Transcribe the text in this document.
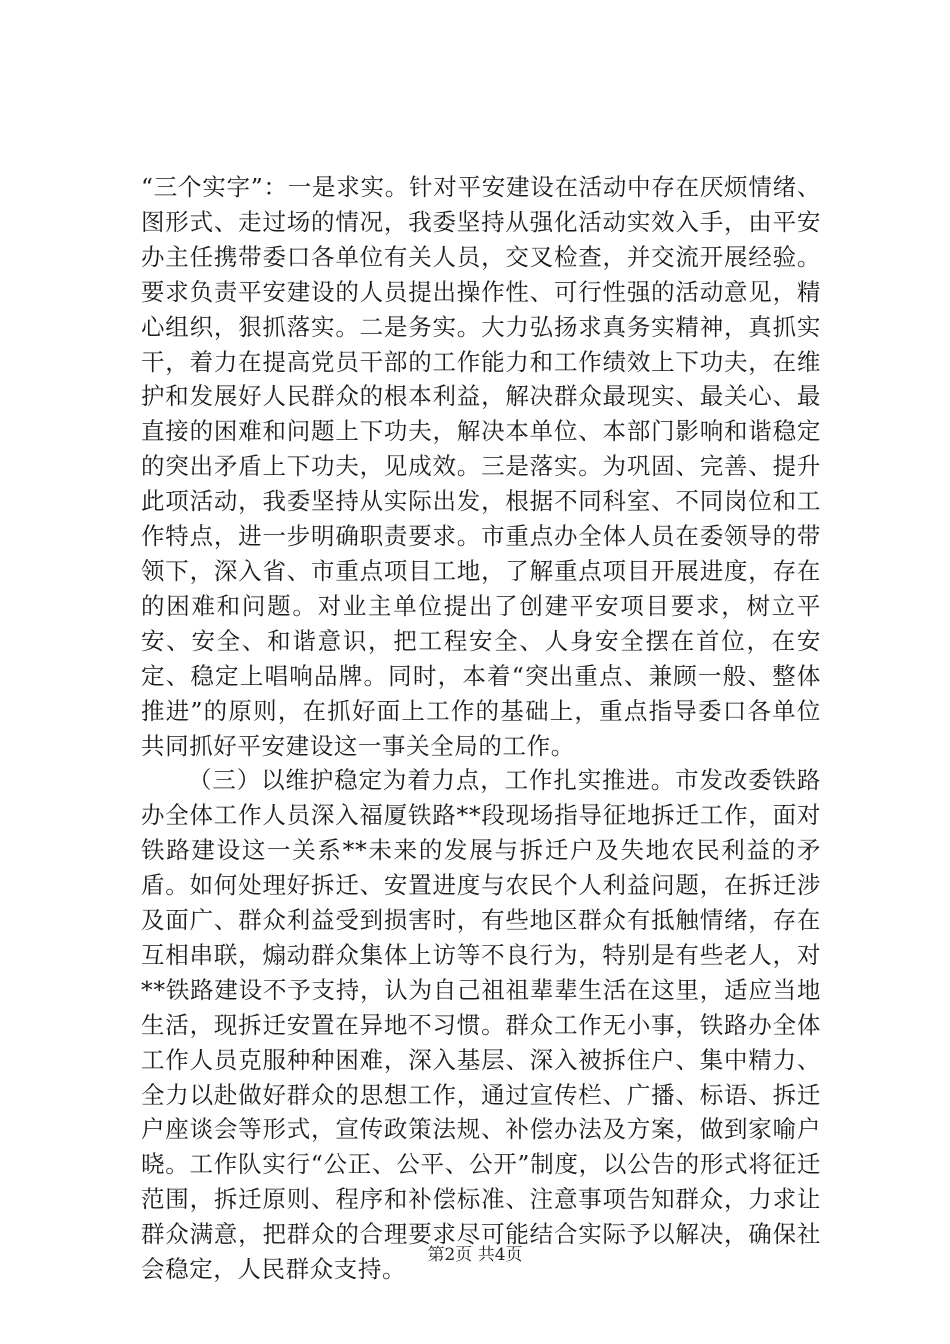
“三个实字”：一是求实。针对平安建设在活动中存在厌烦情绪、图形式、走过场的情况，我委坚持从强化活动实效入手，由平安办主任携带委口各单位有关人员，交叉检查，并交流开展经验。要求负责平安建设的人员提出操作性、可行性强的活动意见，精心组织，狠抓落实。二是务实。大力弘扬求真务实精神，真抓实干，着力在提高党员干部的工作能力和工作绩效上下功夫，在维护和发展好人民群众的根本利益，解决群众最现实、最关心、最直接的困难和问题上下功夫，解决本单位、本部门影响和谐稳定的突出矛盾上下功夫，见成效。三是落实。为巩固、完善、提升此项活动，我委坚持从实际出发，根据不同科室、不同岗位和工作特点，进一步明确职责要求。市重点办全体人员在委领导的带领下，深入省、市重点项目工地，了解重点项目开展进度，存在的困难和问题。对业主单位提出了创建平安项目要求，树立平安、安全、和谐意识，把工程安全、人身安全摆在首位，在安定、稳定上唱响品牌。同时，本着“突出重点、兼顾一般、整体推进”的原则，在抓好面上工作的基础上，重点指导委口各单位共同抓好平安建设这一事关全局的工作。

（三）以维护稳定为着力点，工作扎实推进。市发改委铁路办全体工作人员深入福厦铁路**段现场指导征地拆迁工作，面对铁路建设这一关系**未来的发展与拆迁户及失地农民利益的矛盾。如何处理好拆迁、安置进度与农民个人利益问题，在拆迁涉及面广、群众利益受到损害时，有些地区群众有抵触情绪，存在互相串联，煽动群众集体上访等不良行为，特别是有些老人，对**铁路建设不予支持，认为自己祖祖辈辈生活在这里，适应当地生活，现拆迁安置在异地不习惯。群众工作无小事，铁路办全体工作人员克服种种困难，深入基层、深入被拆住户、集中精力、全力以赴做好群众的思想工作，通过宣传栏、广播、标语、拆迁户座谈会等形式，宣传政策法规、补偿办法及方案，做到家喻户晓。工作队实行“公正、公平、公开”制度，以公告的形式将征迁范围，拆迁原则、程序和补偿标准、注意事项告知群众，力求让群众满意，把群众的合理要求尽可能结合实际予以解决，确保社会稳定，人民群众支持。

第2页 共4页
